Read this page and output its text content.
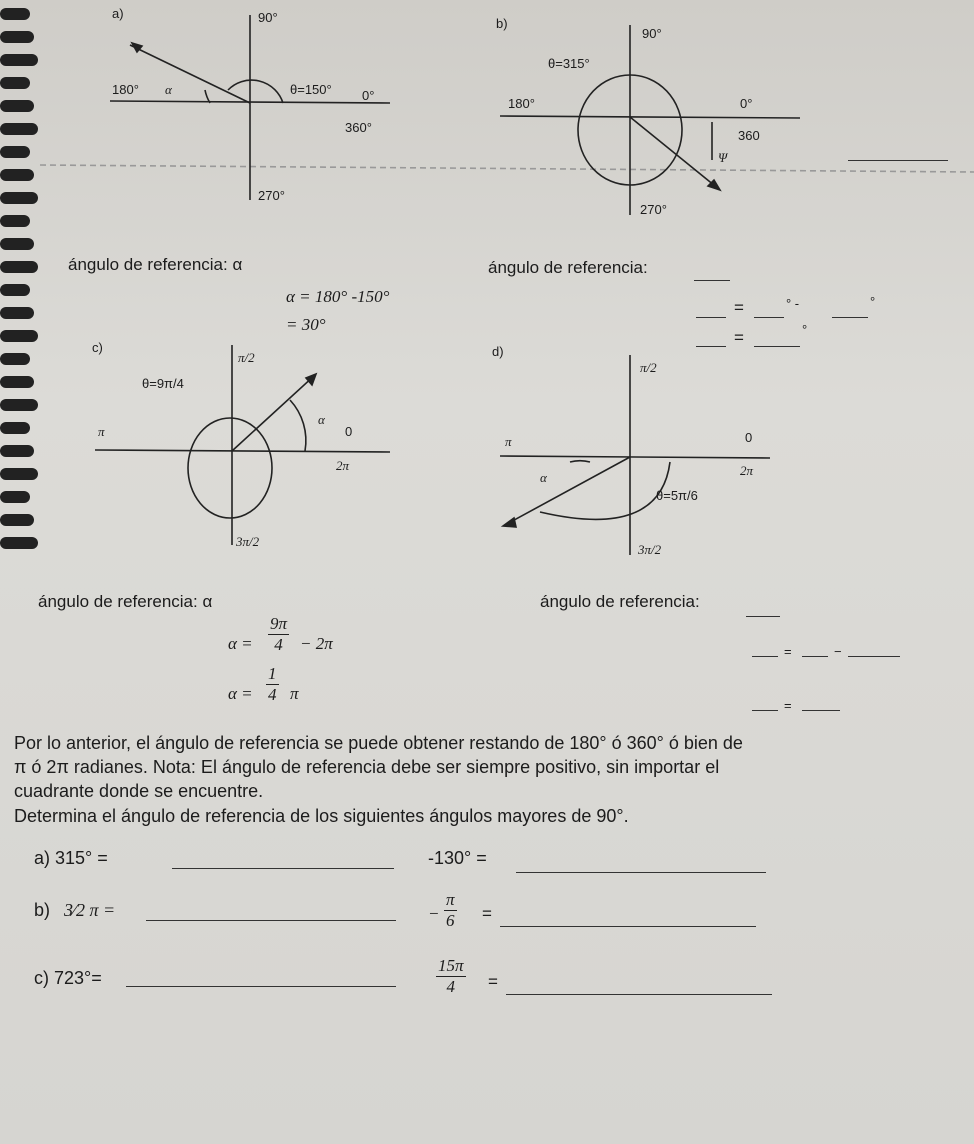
a)	90°
180° α	θ=150° 0°
360°
270°
b)
90°
θ=315°
180°	0°
360
Ψ
270°
ángulo de referencia: α
α = 180° -150°
= 30°
ángulo de referencia:
=	° -	°
=	°
c)
π/2
θ=9π/4
α
0
π
2π
3π/2
d)
π/2
0
π
α	2π
θ=5π/6
3π/2
ángulo de referencia: α
$\alpha = \frac{9\pi}{4} - 2\pi$
$\alpha = \frac{1}{4}$ π
ángulo de referencia:
=	−
=
Por lo anterior, el ángulo de referencia se puede obtener restando de 180° ó 360° ó bien de
π ó 2π radianes. Nota: El ángulo de referencia debe ser siempre positivo, sin importar el
cuadrante donde se encuentre.
Determina el ángulo de referencia de los siguientes ángulos mayores de 90°.
a) 315° =	-130° =
b) 3⁄2 π =	− $\frac{\pi}{6}$ =
c) 723°=	$\frac{15\pi}{4}$ =
